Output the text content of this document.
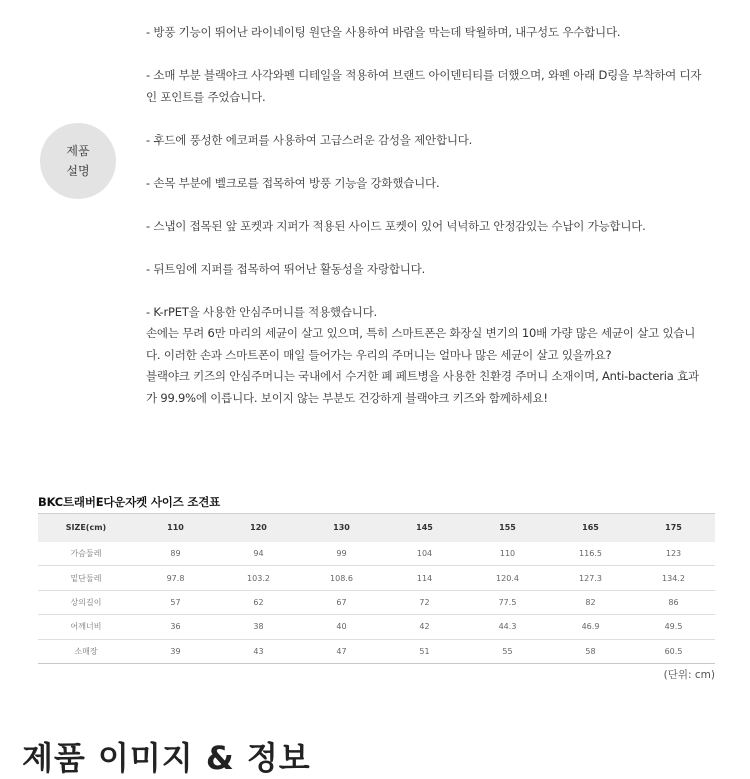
제품
설명

- 방풍 기능이 뛰어난 라이네이팅 원단을 사용하여 바람을 막는데 탁월하며, 내구성도 우수합니다.

- 소매 부분 블랙야크 사각와펜 디테일을 적용하여 브랜드 아이덴티티를 더했으며, 와펜 아래 D링을 부착하여 디자인 포인트를 주었습니다.

- 후드에 풍성한 에코퍼를 사용하여 고급스러운 감성을 제안합니다.

- 손목 부분에 벨크로를 접목하여 방풍 기능을 강화했습니다.

- 스냅이 접목된 앞 포켓과 지퍼가 적용된 사이드 포켓이 있어 넉넉하고 안정감있는 수납이 가능합니다.

- 뒤트임에 지퍼를 접목하여 뛰어난 활동성을 자랑합니다.

- K-rPET을 사용한 안심주머니를 적용했습니다.
손에는 무려 6만 마리의 세균이 살고 있으며, 특히 스마트폰은 화장실 변기의 10배 가량 많은 세균이 살고 있습니다. 이러한 손과 스마트폰이 매일 들어가는 우리의 주머니는 얼마나 많은 세균이 살고 있을까요?
블랙야크 키즈의 안심주머니는 국내에서 수거한 폐 페트병을 사용한 친환경 주머니 소재이며, Anti-bacteria 효과가 99.9%에 이릅니다. 보이지 않는 부분도 건강하게 블랙야크 키즈와 함께하세요!

BKC트래버E다운자켓 사이즈 조견표
SIZE(cm)	110	120	130	145	155	165	175
가슴둘레	89	94	99	104	110	116.5	123
밑단둘레	97.8	103.2	108.6	114	120.4	127.3	134.2
상의길이	57	62	67	72	77.5	82	86
어깨너비	36	38	40	42	44.3	46.9	49.5
소매장	39	43	47	51	55	58	60.5
(단위: cm)
제품 이미지 & 정보
